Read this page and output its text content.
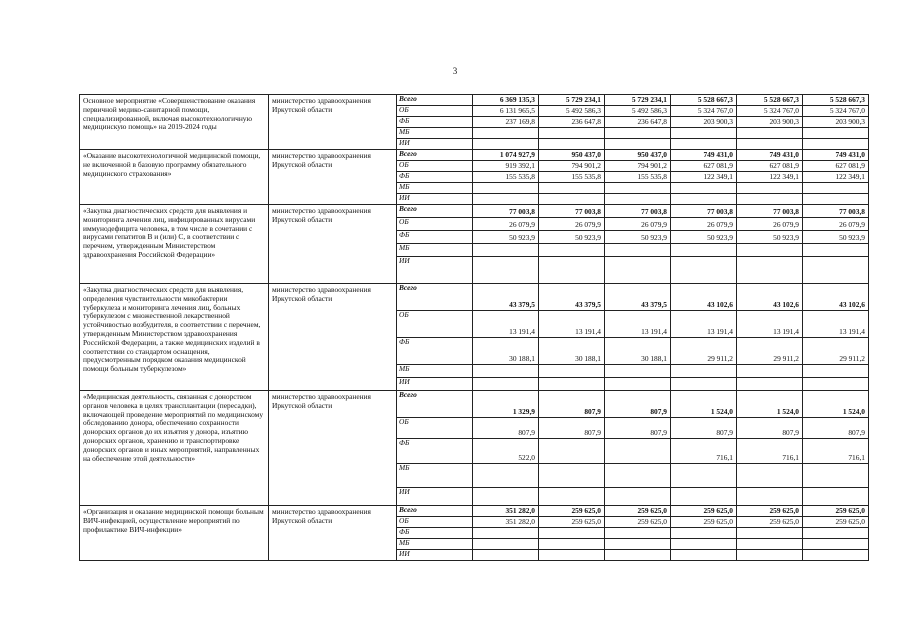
3
Основное мероприятие «Совершенствование оказания первичной медико-санитарной помощи, специализированной, включая высокотехнологичную медицинскую помощь» на 2019-2024 годы	министерство здравоохранения Иркутской области	Всего	6 369 135,3	5 729 234,1	5 729 234,1	5 528 667,3	5 528 667,3	5 528 667,3
		ОБ	6 131 965,5	5 492 586,3	5 492 586,3	5 324 767,0	5 324 767,0	5 324 767,0
		ФБ	237 169,8	236 647,8	236 647,8	203 900,3	203 900,3	203 900,3
		МБ						
		ИИ						
«Оказание высокотехнологичной медицинской помощи, не включенной в базовую программу обязательного медицинского страхования»	министерство здравоохранения Иркутской области	Всего	1 074 927,9	950 437,0	950 437,0	749 431,0	749 431,0	749 431,0
		ОБ	919 392,1	794 901,2	794 901,2	627 081,9	627 081,9	627 081,9
		ФБ	155 535,8	155 535,8	155 535,8	122 349,1	122 349,1	122 349,1
		МБ						
		ИИ						
«Закупка диагностических средств для выявления и мониторинга лечения лиц, инфицированных вирусами иммунодефицита человека, в том числе в сочетании с вирусами гепатитов В и (или) С, в соответствии с перечнем, утвержденным Министерством здравоохранения Российской Федерации»	министерство здравоохранения Иркутской области	Всего	77 003,8	77 003,8	77 003,8	77 003,8	77 003,8	77 003,8
		ОБ	26 079,9	26 079,9	26 079,9	26 079,9	26 079,9	26 079,9
		ФБ	50 923,9	50 923,9	50 923,9	50 923,9	50 923,9	50 923,9
		МБ						
		ИИ						
«Закупка диагностических средств для выявления, определения чувствительности микобактерии туберкулеза и мониторинга лечения лиц, больных туберкулезом с множественной лекарственной устойчивостью возбудителя, в соответствии с перечнем, утвержденным Министерством здравоохранения Российской Федерации, а также медицинских изделий в соответствии со стандартом оснащения, предусмотренным порядком оказания медицинской помощи больным туберкулезом»	министерство здравоохранения Иркутской области	Всего	43 379,5	43 379,5	43 379,5	43 102,6	43 102,6	43 102,6
		ОБ	13 191,4	13 191,4	13 191,4	13 191,4	13 191,4	13 191,4
		ФБ	30 188,1	30 188,1	30 188,1	29 911,2	29 911,2	29 911,2
		МБ						
		ИИ						
«Медицинская деятельность, связанная с донорством органов человека в целях трансплантации (пересадки), включающей проведение мероприятий по медицинскому обследованию донора, обеспечению сохранности донорских органов до их изъятия у донора, изъятию донорских органов, хранению и транспортировке донорских органов и иных мероприятий, направленных на обеспечение этой деятельности»	министерство здравоохранения Иркутской области	Всего	1 329,9	807,9	807,9	1 524,0	1 524,0	1 524,0
		ОБ	807,9	807,9	807,9	807,9	807,9	807,9
		ФБ	522,0			716,1	716,1	716,1
		МБ						
		ИИ						
«Организация и оказание медицинской помощи больным ВИЧ-инфекцией, осуществление мероприятий по профилактике ВИЧ-инфекции»	министерство здравоохранения Иркутской области	Всего	351 282,0	259 625,0	259 625,0	259 625,0	259 625,0	259 625,0
		ОБ	351 282,0	259 625,0	259 625,0	259 625,0	259 625,0	259 625,0
		ФБ						
		МБ						
		ИИ						
